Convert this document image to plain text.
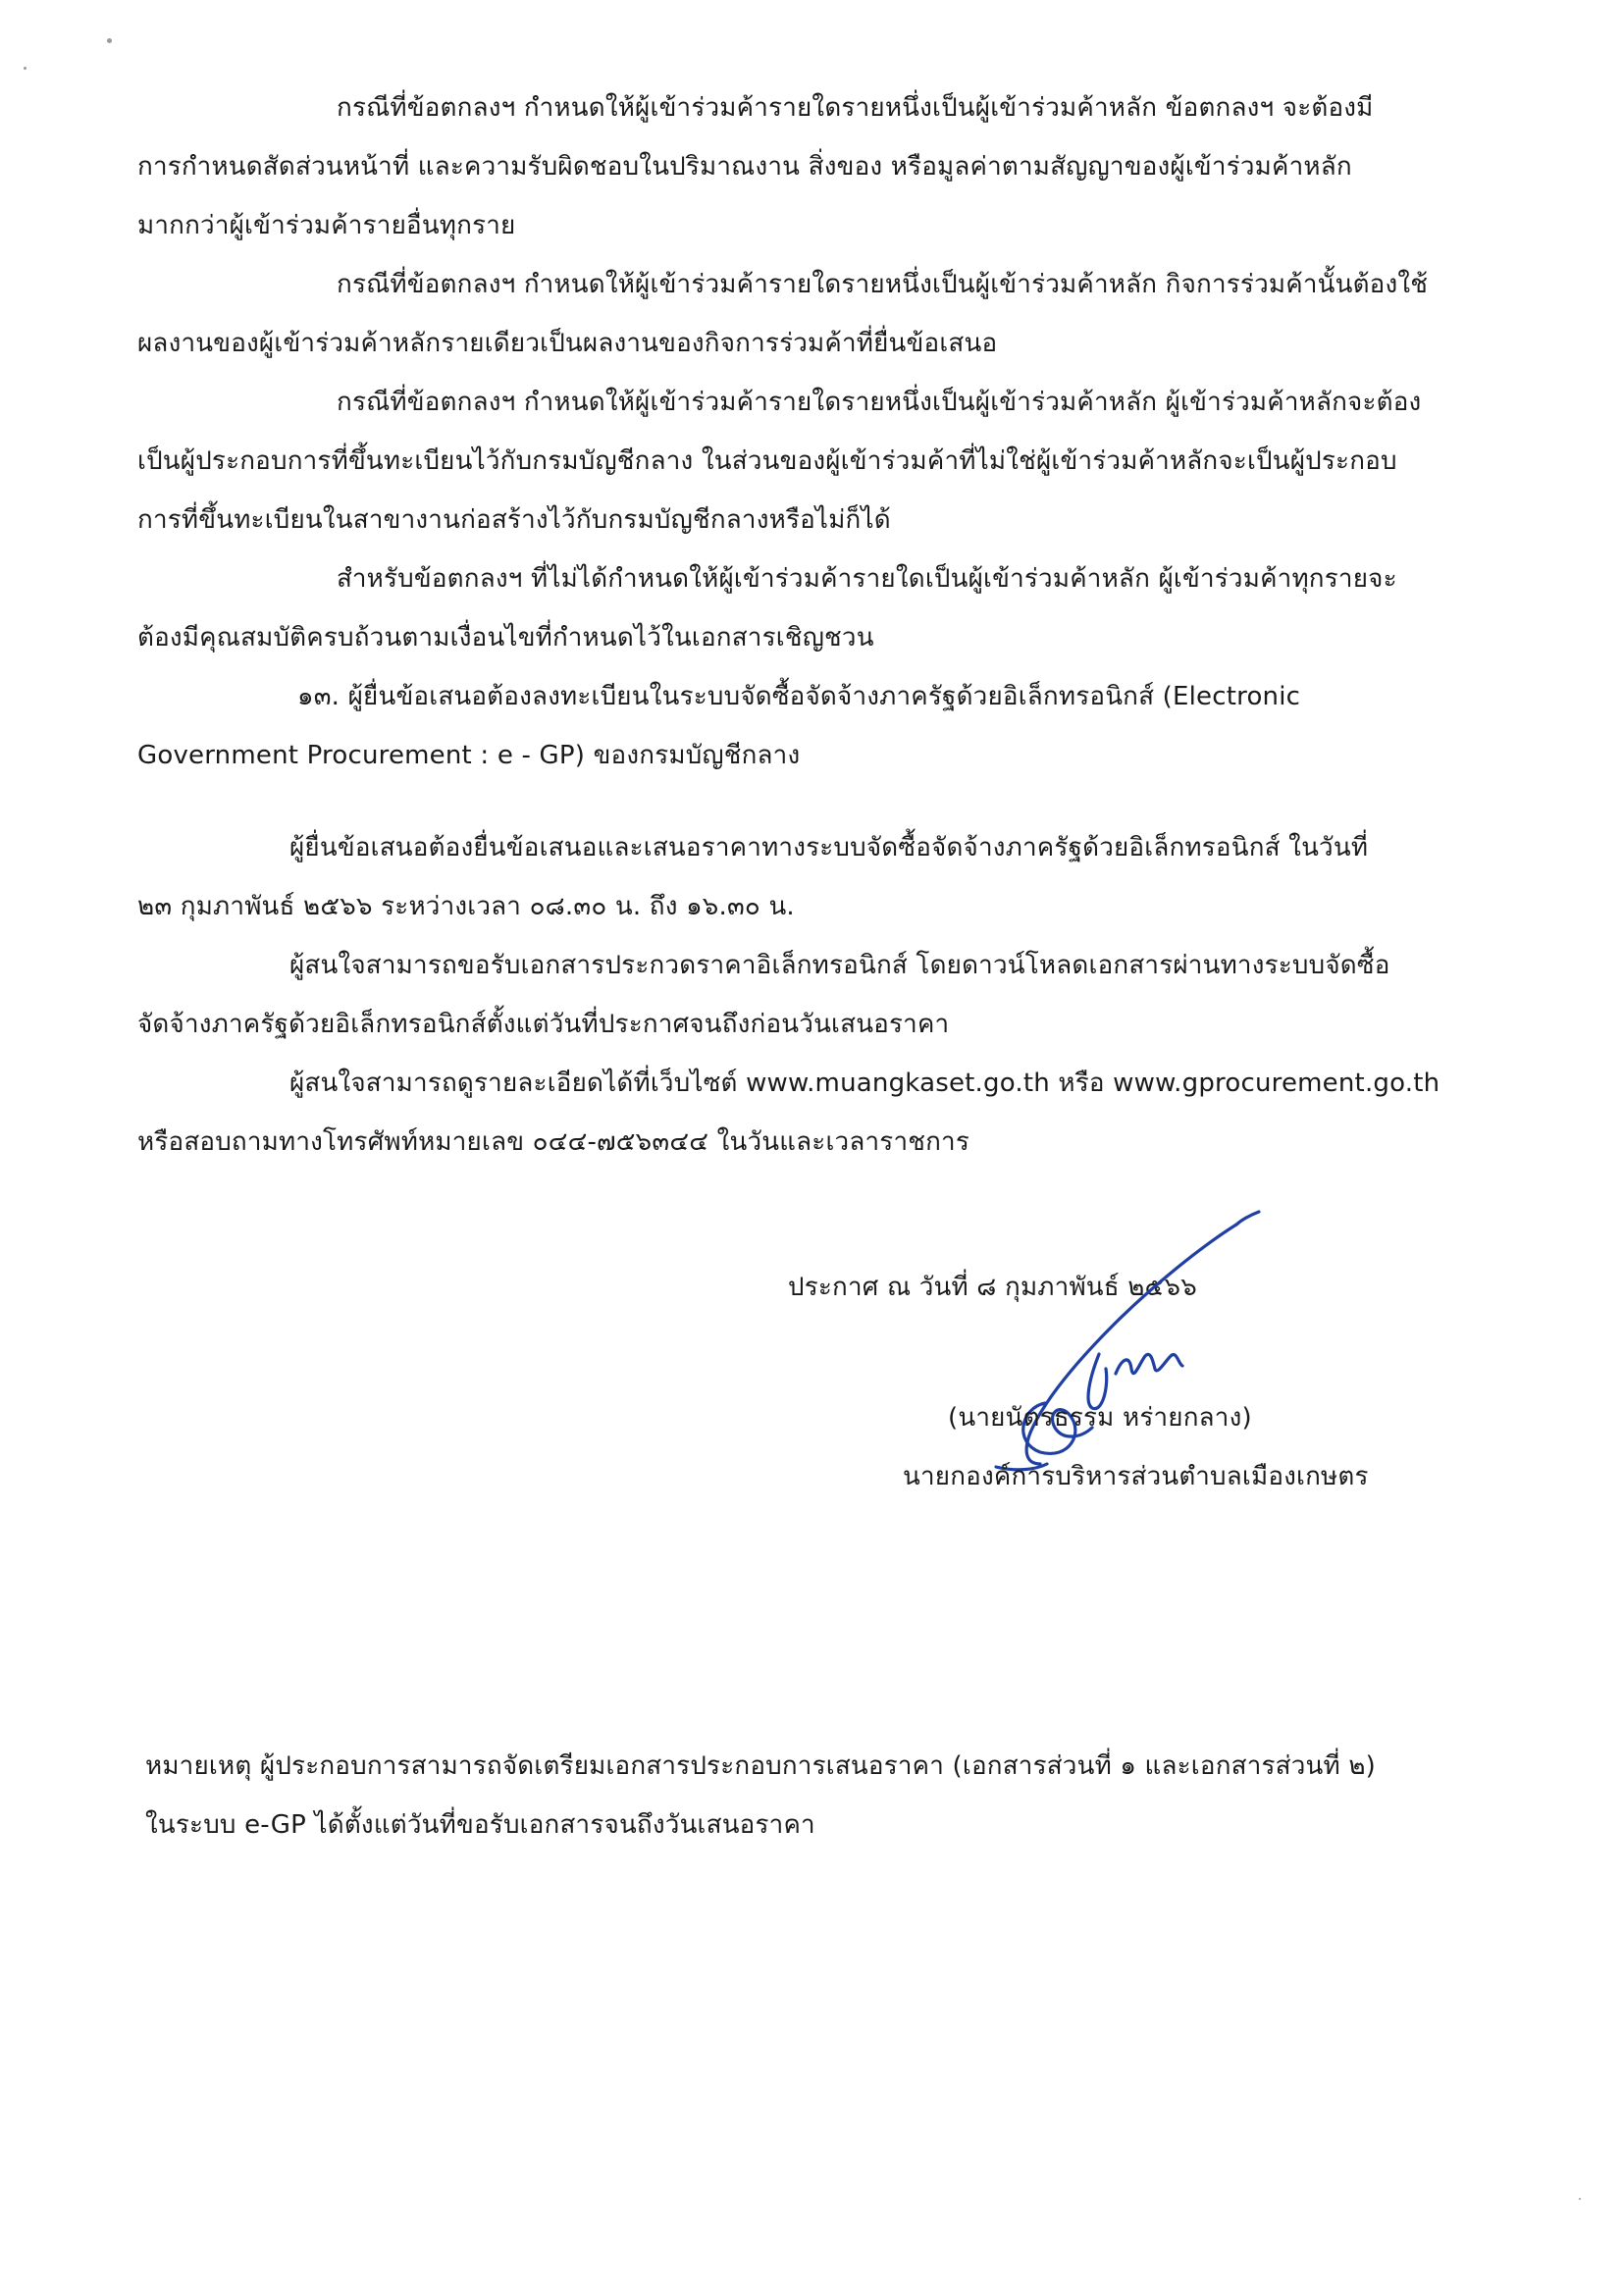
กรณีที่ข้อตกลงฯ กำหนดให้ผู้เข้าร่วมค้ารายใดรายหนึ่งเป็นผู้เข้าร่วมค้าหลัก ข้อตกลงฯ จะต้องมี
การกำหนดสัดส่วนหน้าที่ และความรับผิดชอบในปริมาณงาน สิ่งของ หรือมูลค่าตามสัญญาของผู้เข้าร่วมค้าหลัก
มากกว่าผู้เข้าร่วมค้ารายอื่นทุกราย
กรณีที่ข้อตกลงฯ กำหนดให้ผู้เข้าร่วมค้ารายใดรายหนึ่งเป็นผู้เข้าร่วมค้าหลัก กิจการร่วมค้านั้นต้องใช้
ผลงานของผู้เข้าร่วมค้าหลักรายเดียวเป็นผลงานของกิจการร่วมค้าที่ยื่นข้อเสนอ
กรณีที่ข้อตกลงฯ กำหนดให้ผู้เข้าร่วมค้ารายใดรายหนึ่งเป็นผู้เข้าร่วมค้าหลัก ผู้เข้าร่วมค้าหลักจะต้อง
เป็นผู้ประกอบการที่ขึ้นทะเบียนไว้กับกรมบัญชีกลาง ในส่วนของผู้เข้าร่วมค้าที่ไม่ใช่ผู้เข้าร่วมค้าหลักจะเป็นผู้ประกอบ
การที่ขึ้นทะเบียนในสาขางานก่อสร้างไว้กับกรมบัญชีกลางหรือไม่ก็ได้
สำหรับข้อตกลงฯ ที่ไม่ได้กำหนดให้ผู้เข้าร่วมค้ารายใดเป็นผู้เข้าร่วมค้าหลัก ผู้เข้าร่วมค้าทุกรายจะ
ต้องมีคุณสมบัติครบถ้วนตามเงื่อนไขที่กำหนดไว้ในเอกสารเชิญชวน
๑๓. ผู้ยื่นข้อเสนอต้องลงทะเบียนในระบบจัดซื้อจัดจ้างภาครัฐด้วยอิเล็กทรอนิกส์ (Electronic
Government Procurement : e - GP) ของกรมบัญชีกลาง
ผู้ยื่นข้อเสนอต้องยื่นข้อเสนอและเสนอราคาทางระบบจัดซื้อจัดจ้างภาครัฐด้วยอิเล็กทรอนิกส์ ในวันที่
๒๓ กุมภาพันธ์ ๒๕๖๖ ระหว่างเวลา ๐๘.๓๐ น. ถึง ๑๖.๓๐ น.
ผู้สนใจสามารถขอรับเอกสารประกวดราคาอิเล็กทรอนิกส์ โดยดาวน์โหลดเอกสารผ่านทางระบบจัดซื้อ
จัดจ้างภาครัฐด้วยอิเล็กทรอนิกส์ตั้งแต่วันที่ประกาศจนถึงก่อนวันเสนอราคา
ผู้สนใจสามารถดูรายละเอียดได้ที่เว็บไซต์ www.muangkaset.go.th หรือ www.gprocurement.go.th
หรือสอบถามทางโทรศัพท์หมายเลข ๐๔๔-๗๕๖๓๔๔ ในวันและเวลาราชการ
ประกาศ ณ วันที่ ๘ กุมภาพันธ์ ๒๕๖๖
(นายนัตรธรรม หร่ายกลาง)
นายกองค์การบริหารส่วนตำบลเมืองเกษตร
หมายเหตุ ผู้ประกอบการสามารถจัดเตรียมเอกสารประกอบการเสนอราคา (เอกสารส่วนที่ ๑ และเอกสารส่วนที่ ๒)
ในระบบ e-GP ได้ตั้งแต่วันที่ขอรับเอกสารจนถึงวันเสนอราคา
